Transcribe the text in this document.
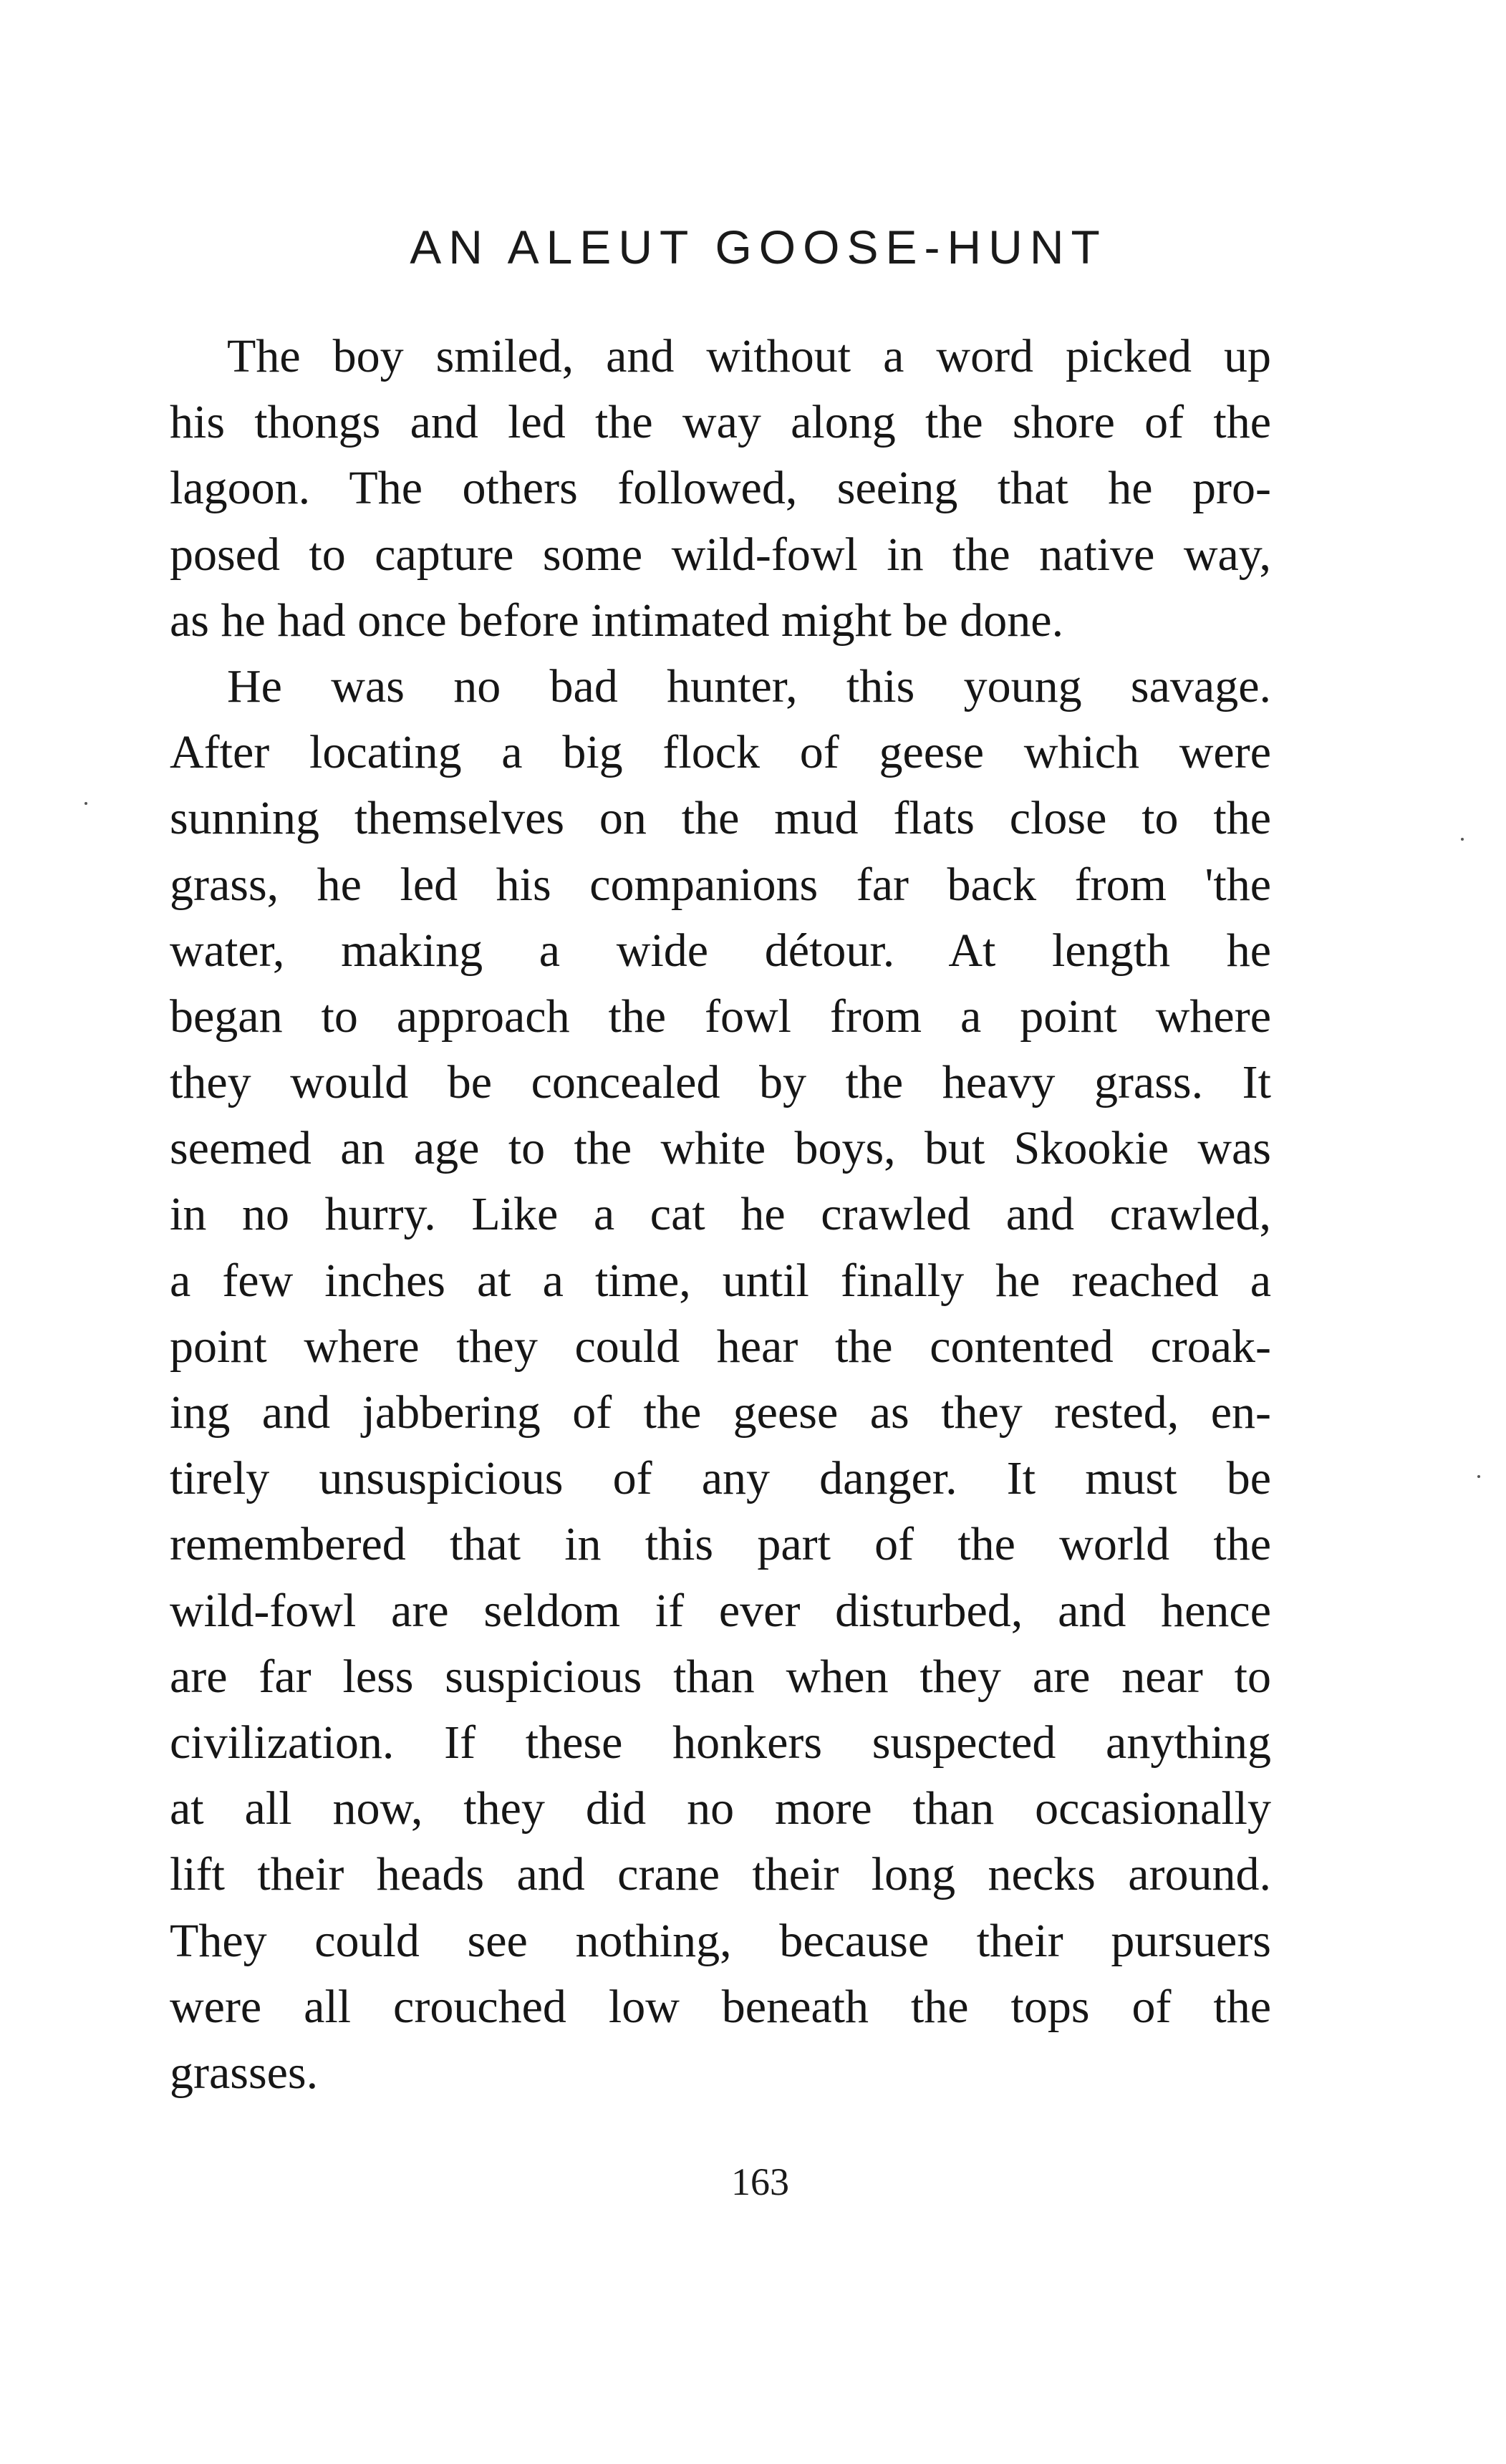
AN ALEUT GOOSE-HUNT
The boy smiled, and without a word picked up
his thongs and led the way along the shore of the
lagoon. The others followed, seeing that he pro-
posed to capture some wild-fowl in the native way,
as he had once before intimated might be done.
He was no bad hunter, this young savage.
After locating a big flock of geese which were
sunning themselves on the mud flats close to the
grass, he led his companions far back from 'the
water, making a wide détour. At length he
began to approach the fowl from a point where
they would be concealed by the heavy grass. It
seemed an age to the white boys, but Skookie was
in no hurry. Like a cat he crawled and crawled,
a few inches at a time, until finally he reached a
point where they could hear the contented croak-
ing and jabbering of the geese as they rested, en-
tirely unsuspicious of any danger. It must be
remembered that in this part of the world the
wild-fowl are seldom if ever disturbed, and hence
are far less suspicious than when they are near to
civilization. If these honkers suspected anything
at all now, they did no more than occasionally
lift their heads and crane their long necks around.
They could see nothing, because their pursuers
were all crouched low beneath the tops of the
grasses.
163
